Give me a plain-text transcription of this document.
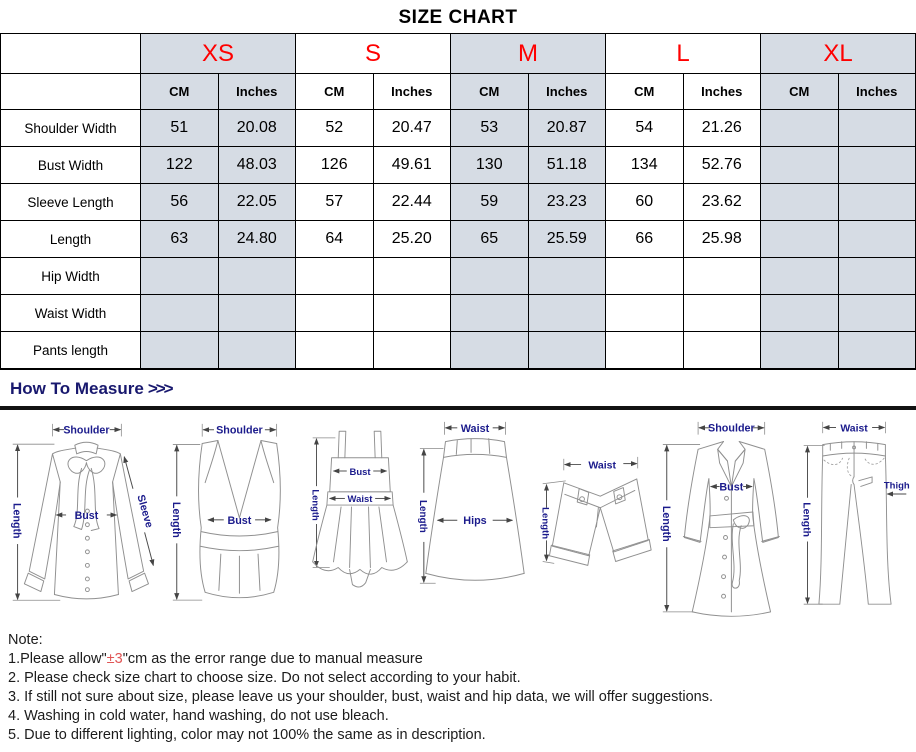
SIZE CHART
	XS		S		M		L		XL	
	CM	Inches	CM	Inches	CM	Inches	CM	Inches	CM	Inches
Shoulder Width	51	20.08	52	20.47	53	20.87	54	21.26		
Bust Width	122	48.03	126	49.61	130	51.18	134	52.76		
Sleeve Length	56	22.05	57	22.44	59	23.23	60	23.62		
Length	63	24.80	64	25.20	65	25.59	66	25.98		
Hip Width										
Waist Width										
Pants length										
How To Measure >>>
Shoulder
Length	Bust	Sleeve
Shoulder
Length	Bust	Length
Bust
Waist
Waist
Length	Hips
Waist
Length
Shoulder
Length
Bust
Waist
Length
Thigh
Note:
1.Please allow"±3"cm as the error range due to manual measure
2. Please check size chart to choose size. Do not select according to your habit.
3. If still not sure about size, please leave us your shoulder, bust, waist and hip data, we will offer suggestions.
4. Washing in cold water, hand washing, do not use bleach.
5. Due to different lighting, color may not 100% the same as in description.
